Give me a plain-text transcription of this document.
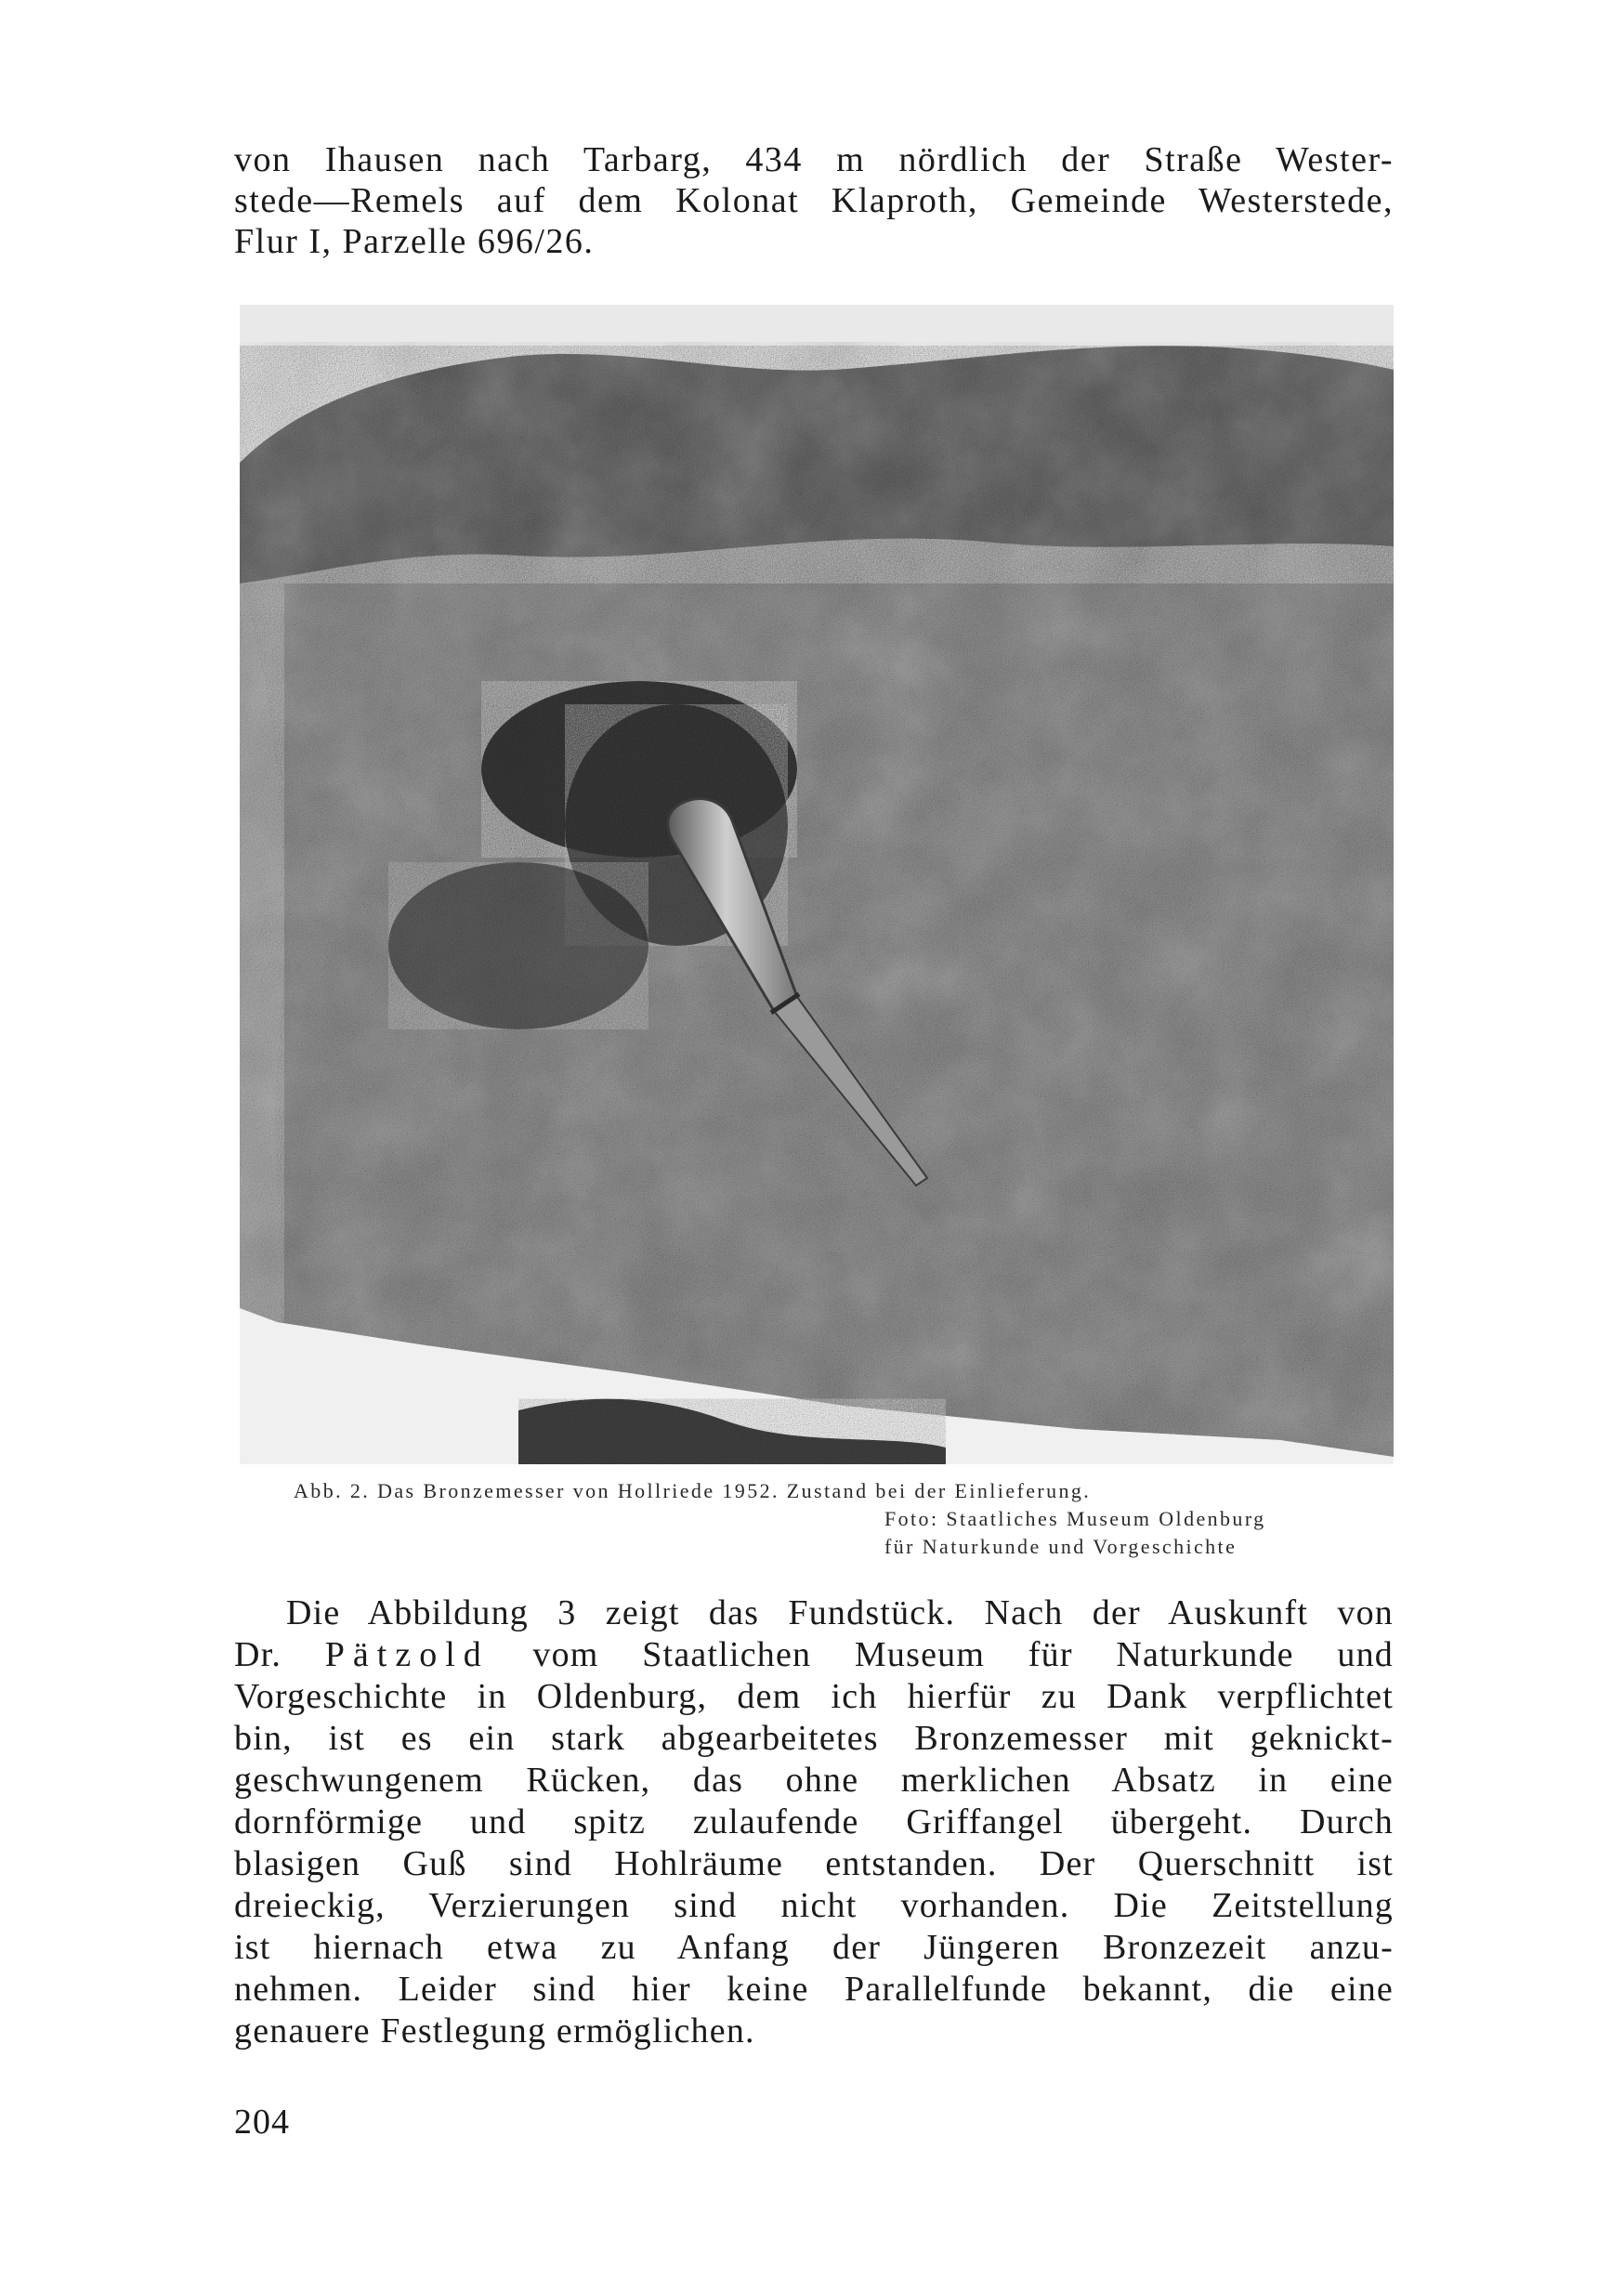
von Ihausen nach Tarbarg, 434 m nördlich der Straße Wester-
stede—Remels auf dem Kolonat Klaproth, Gemeinde Westerstede,
Flur I, Parzelle 696/26.

Abb. 2. Das Bronzemesser von Hollriede 1952. Zustand bei der Einlieferung.
Foto: Staatliches Museum Oldenburg
für Naturkunde und Vorgeschichte

Die Abbildung 3 zeigt das Fundstück. Nach der Auskunft von
Dr. Pätzold vom Staatlichen Museum für Naturkunde und
Vorgeschichte in Oldenburg, dem ich hierfür zu Dank verpflichtet
bin, ist es ein stark abgearbeitetes Bronzemesser mit geknickt-
geschwungenem Rücken, das ohne merklichen Absatz in eine
dornförmige und spitz zulaufende Griffangel übergeht. Durch
blasigen Guß sind Hohlräume entstanden. Der Querschnitt ist
dreieckig, Verzierungen sind nicht vorhanden. Die Zeitstellung
ist hiernach etwa zu Anfang der Jüngeren Bronzezeit anzu-
nehmen. Leider sind hier keine Parallelfunde bekannt, die eine
genauere Festlegung ermöglichen.

204
